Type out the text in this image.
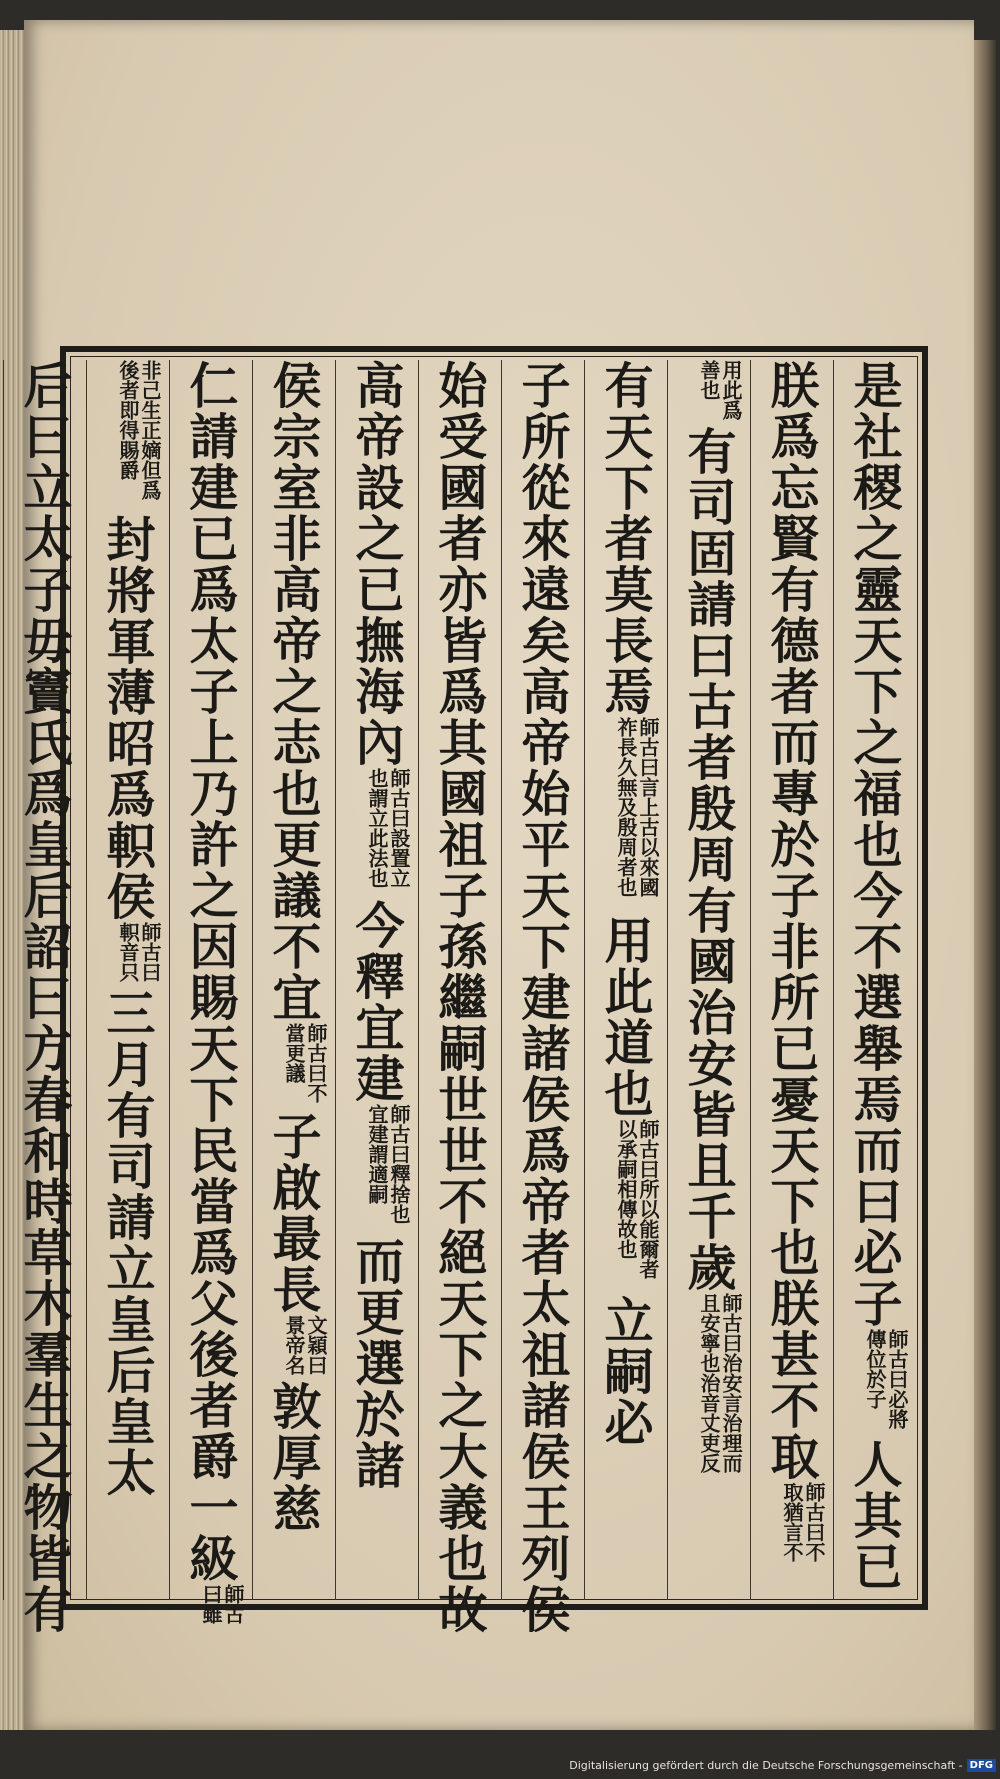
是社稷之靈天下之福也今不選舉焉而曰必子師古曰必將傳位於子人其已
朕爲忘賢有德者而專於子非所已憂天下也朕甚不取師古曰不取猶言不
用此爲善也有司固請曰古者殷周有國治安皆且千歲師古曰治安言治理而且安寧也治音丈吏反
有天下者莫長焉師古曰言上古以來國祚長久無及殷周者也用此道也師古曰所以能爾者以承嗣相傳故也立嗣必
子所從來遠矣高帝始平天下建諸侯爲帝者太祖諸侯王列侯
始受國者亦皆爲其國祖子孫繼嗣世世不絕天下之大義也故
高帝設之已撫海內師古曰設置立也謂立此法也今釋宜建師古曰釋捨也宜建謂適嗣而更選於諸
侯宗室非高帝之志也更議不宜師古曰不當更議子啟最長文穎曰景帝名敦厚慈
仁請建已爲太子上乃許之因賜天下民當爲父後者爵一級師古曰雖
非己生正嫡但爲後者即得賜爵封將軍薄昭爲軹侯師古曰軹音只三月有司請立皇后皇太
后曰立太子毋竇氏爲皇后詔曰方春和時草木羣生之物皆有
Digitalisierung gefördert durch die Deutsche Forschungsgemeinschaft - DFG
